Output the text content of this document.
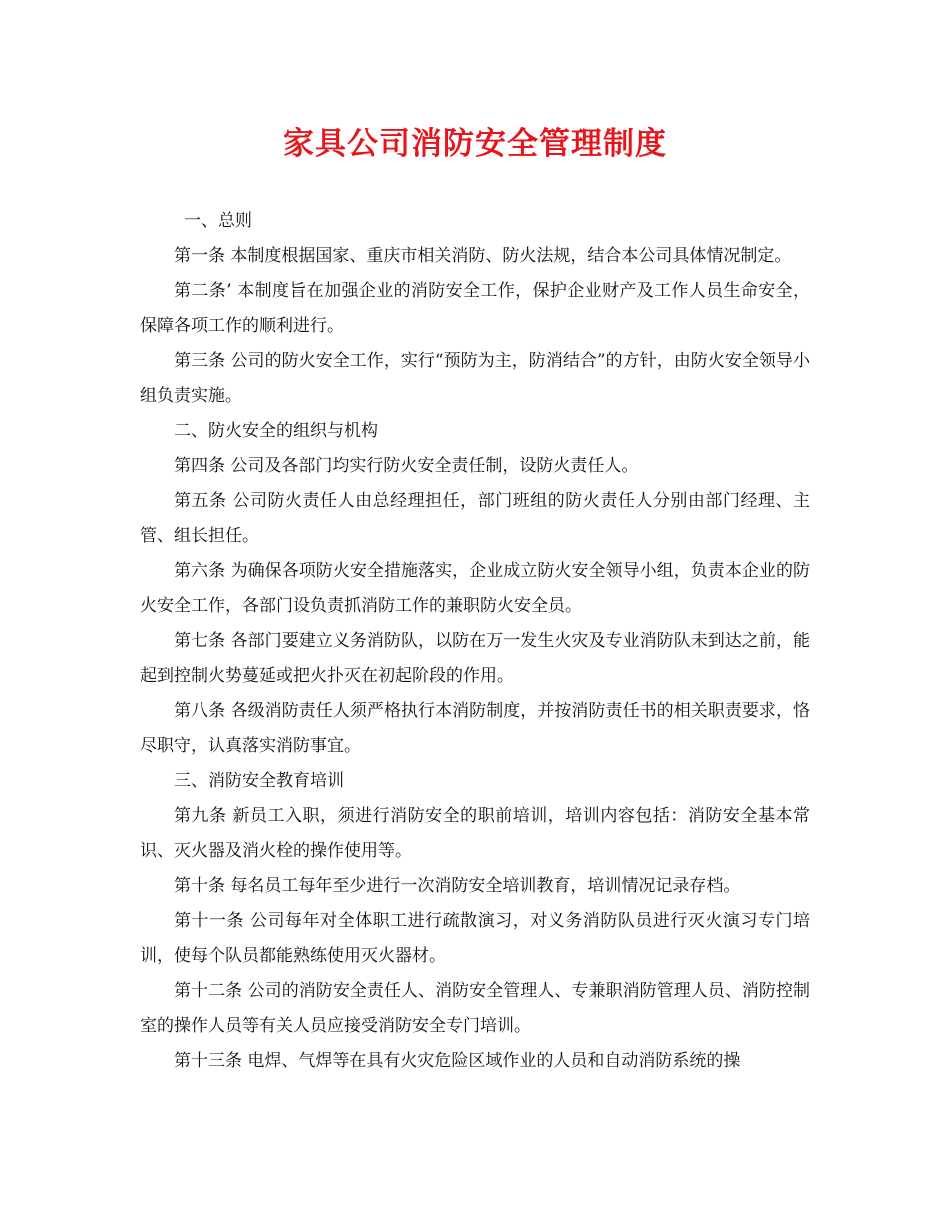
家具公司消防安全管理制度

一、总则

第一条 本制度根据国家、重庆市相关消防、防火法规，结合本公司具体情况制定。

第二条’ 本制度旨在加强企业的消防安全工作，保护企业财产及工作人员生命安全，保障各项工作的顺利进行。

第三条 公司的防火安全工作，实行“预防为主，防消结合”的方针，由防火安全领导小组负责实施。

二、防火安全的组织与机构

第四条 公司及各部门均实行防火安全责任制，设防火责任人。

第五条 公司防火责任人由总经理担任，部门班组的防火责任人分别由部门经理、主管、组长担任。

第六条 为确保各项防火安全措施落实，企业成立防火安全领导小组，负责本企业的防火安全工作，各部门设负责抓消防工作的兼职防火安全员。

第七条 各部门要建立义务消防队，以防在万一发生火灾及专业消防队未到达之前，能起到控制火势蔓延或把火扑灭在初起阶段的作用。

第八条 各级消防责任人须严格执行本消防制度，并按消防责任书的相关职责要求，恪尽职守，认真落实消防事宜。

三、消防安全教育培训

第九条 新员工入职，须进行消防安全的职前培训，培训内容包括：消防安全基本常识、灭火器及消火栓的操作使用等。

第十条 每名员工每年至少进行一次消防安全培训教育，培训情况记录存档。

第十一条 公司每年对全体职工进行疏散演习，对义务消防队员进行灭火演习专门培训，使每个队员都能熟练使用灭火器材。

第十二条 公司的消防安全责任人、消防安全管理人、专兼职消防管理人员、消防控制室的操作人员等有关人员应接受消防安全专门培训。

第十三条 电焊、气焊等在具有火灾危险区域作业的人员和自动消防系统的操
